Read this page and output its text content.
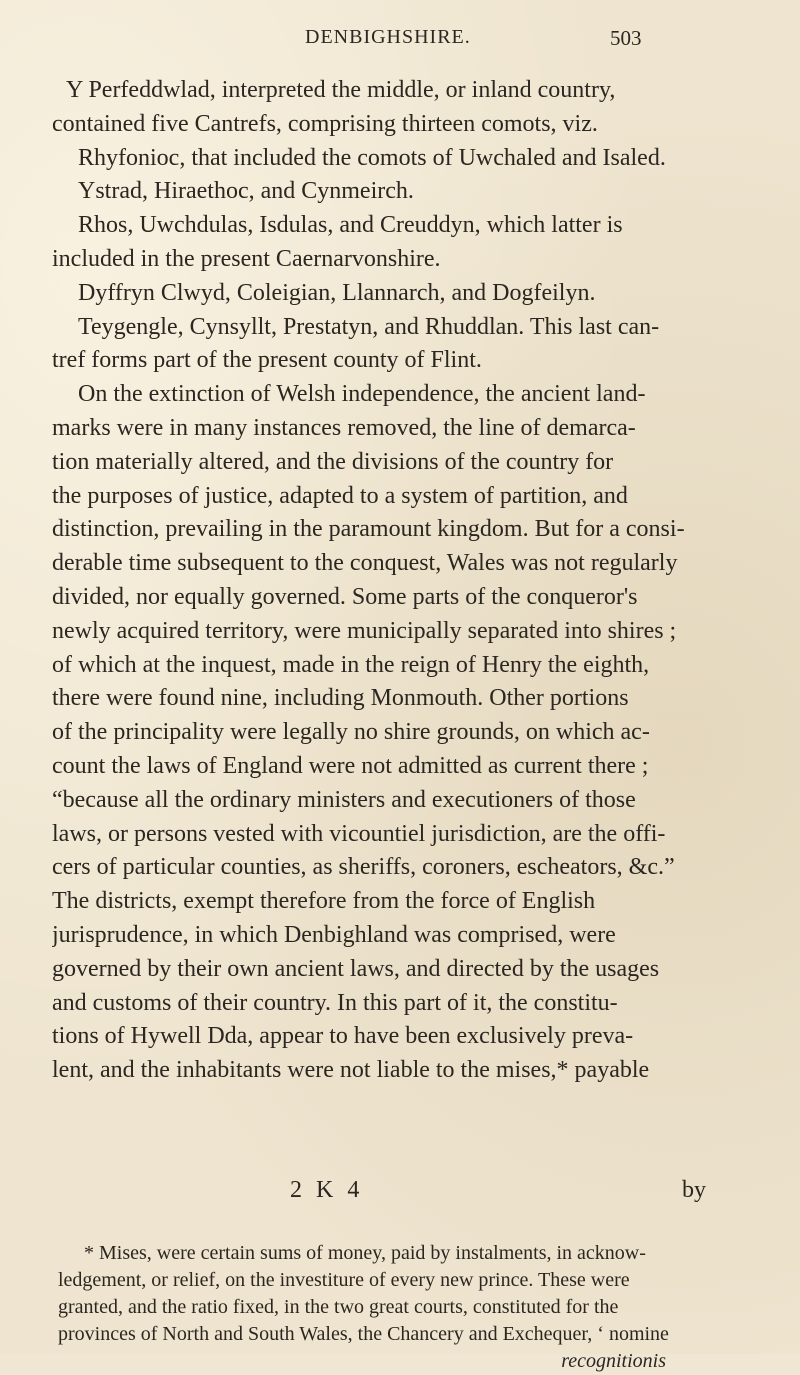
DENBIGHSHIRE.	503
Y Perfeddwlad, interpreted the middle, or inland country,
contained five Cantrefs, comprising thirteen comots, viz.
Rhyfonioc, that included the comots of Uwchaled and Isaled.
Ystrad, Hiraethoc, and Cynmeirch.
Rhos, Uwchdulas, Isdulas, and Creuddyn, which latter is
included in the present Caernarvonshire.
Dyffryn Clwyd, Coleigian, Llannarch, and Dogfeilyn.
Teygengle, Cynsyllt, Prestatyn, and Rhuddlan. This last can-
tref forms part of the present county of Flint.
On the extinction of Welsh independence, the ancient land-
marks were in many instances removed, the line of demarca-
tion materially altered, and the divisions of the country for
the purposes of justice, adapted to a system of partition, and
distinction, prevailing in the paramount kingdom. But for a consi-
derable time subsequent to the conquest, Wales was not regularly
divided, nor equally governed. Some parts of the conqueror's
newly acquired territory, were municipally separated into shires ;
of which at the inquest, made in the reign of Henry the eighth,
there were found nine, including Monmouth. Other portions
of the principality were legally no shire grounds, on which ac-
count the laws of England were not admitted as current there ;
“because all the ordinary ministers and executioners of those
laws, or persons vested with vicountiel jurisdiction, are the offi-
cers of particular counties, as sheriffs, coroners, escheators, &c.”
The districts, exempt therefore from the force of English
jurisprudence, in which Denbighland was comprised, were
governed by their own ancient laws, and directed by the usages
and customs of their country. In this part of it, the constitu-
tions of Hywell Dda, appear to have been exclusively preva-
lent, and the inhabitants were not liable to the mises,* payable
2 K 4	by
* Mises, were certain sums of money, paid by instalments, in acknow-
ledgement, or relief, on the investiture of every new prince. These were
granted, and the ratio fixed, in the two great courts, constituted for the
provinces of North and South Wales, the Chancery and Exchequer, ‘ nomine
recognitionis
